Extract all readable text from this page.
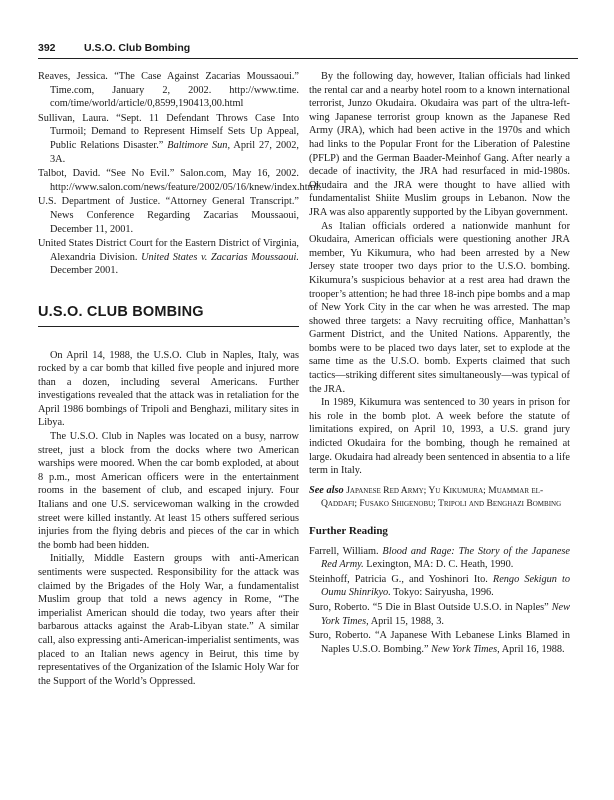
392	U.S.O. Club Bombing

Reaves, Jessica. “The Case Against Zacarias Moussaoui.” Time.com, January 2, 2002. http://www.time. com/time/world/article/0,8599,190413,00.html

Sullivan, Laura. “Sept. 11 Defendant Throws Case Into Turmoil; Demand to Represent Himself Sets Up Appeal, Public Relations Disaster.” Baltimore Sun, April 27, 2002, 3A.

Talbot, David. “See No Evil.” Salon.com, May 16, 2002. http://www.salon.com/news/feature/2002/05/16/knew/index.html.

U.S. Department of Justice. “Attorney General Transcript.” News Conference Regarding Zacarias Moussaoui, December 11, 2001.

United States District Court for the Eastern District of Virginia, Alexandria Division. United States v. Zacarias Moussaoui. December 2001.

U.S.O. CLUB BOMBING

On April 14, 1988, the U.S.O. Club in Naples, Italy, was rocked by a car bomb that killed five people and injured more than a dozen, including several Americans. Further investigations revealed that the attack was in retaliation for the April 1986 bombings of Tripoli and Benghazi, military sites in Libya.

The U.S.O. Club in Naples was located on a busy, narrow street, just a block from the docks where two American warships were moored. When the car bomb exploded, at about 8 p.m., most American officers were in the entertainment rooms in the basement of club, and escaped injury. Four Italians and one U.S. servicewoman walking in the crowded street were killed instantly. At least 15 others suffered serious injuries from the flying debris and pieces of the car in which the bomb had been hidden.

Initially, Middle Eastern groups with anti-American sentiments were suspected. Responsibility for the attack was claimed by the Brigades of the Holy War, a fundamentalist Muslim group that told a news agency in Rome, “The imperialist American should die today, two years after their barbarous attacks against the Arab-Libyan state.” A similar call, also expressing anti-American-imperialist sentiments, was placed to an Italian news agency in Beirut, this time by representatives of the Organization of the Islamic Holy War for the Support of the World’s Oppressed.

By the following day, however, Italian officials had linked the rental car and a nearby hotel room to a known international terrorist, Junzo Okudaira. Okudaira was part of the ultra-left-wing Japanese terrorist group known as the Japanese Red Army (JRA), which had been active in the 1970s and which had links to the Popular Front for the Liberation of Palestine (PFLP) and the German Baader-Meinhof Gang. After nearly a decade of inactivity, the JRA had resurfaced in mid-1980s. Okudaira and the JRA were thought to have allied with fundamentalist Shiite Muslim groups in Lebanon. Now the JRA was also apparently supported by the Libyan government.

As Italian officials ordered a nationwide manhunt for Okudaira, American officials were questioning another JRA member, Yu Kikumura, who had been arrested by a New Jersey state trooper two days prior to the U.S.O. bombing. Kikumura’s suspicious behavior at a rest area had drawn the trooper’s attention; he had three 18-inch pipe bombs and a map of New York City in the car when he was arrested. The map showed three targets: a Navy recruiting office, Manhattan’s Garment District, and the United Nations. Apparently, the bombs were to be placed two days later, set to explode at the same time as the U.S.O. bomb. Experts claimed that such tactics—striking different sites simultaneously—was typical of the JRA.

In 1989, Kikumura was sentenced to 30 years in prison for his role in the bomb plot. A week before the statute of limitations expired, on April 10, 1993, a U.S. grand jury indicted Okudaira for the bombing, though he remained at large. Okudaira had already been sentenced in absentia to a life term in Italy.

See also Japanese Red Army; Yu Kikumura; Muammar el-Qaddafi; Fusako Shigenobu; Tripoli and Benghazi Bombing

Further Reading

Farrell, William. Blood and Rage: The Story of the Japanese Red Army. Lexington, MA: D. C. Heath, 1990.

Steinhoff, Patricia G., and Yoshinori Ito. Rengo Sekigun to Oumu Shinrikyo. Tokyo: Sairyusha, 1996.

Suro, Roberto. “5 Die in Blast Outside U.S.O. in Naples” New York Times, April 15, 1988, 3.

Suro, Roberto. “A Japanese With Lebanese Links Blamed in Naples U.S.O. Bombing.” New York Times, April 16, 1988.
